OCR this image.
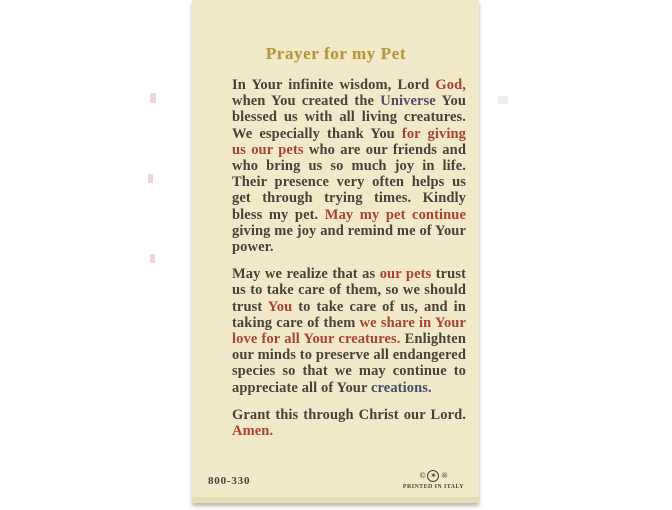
Prayer for my Pet

In Your infinite wisdom, Lord God, when You created the Universe You blessed us with all living creatures. We especially thank You for giving us our pets who are our friends and who bring us so much joy in life. Their presence very often helps us get through trying times. Kindly bless my pet. May my pet continue giving me joy and remind me of Your power.

May we realize that as our pets trust us to take care of them, so we should trust You to take care of us, and in taking care of them we share in Your love for all Your creatures. Enlighten our minds to preserve all endangered species so that we may continue to appreciate all of Your creations.

Grant this through Christ our Lord. Amen.

800-330	© ✶ ®
PRINTED IN ITALY
